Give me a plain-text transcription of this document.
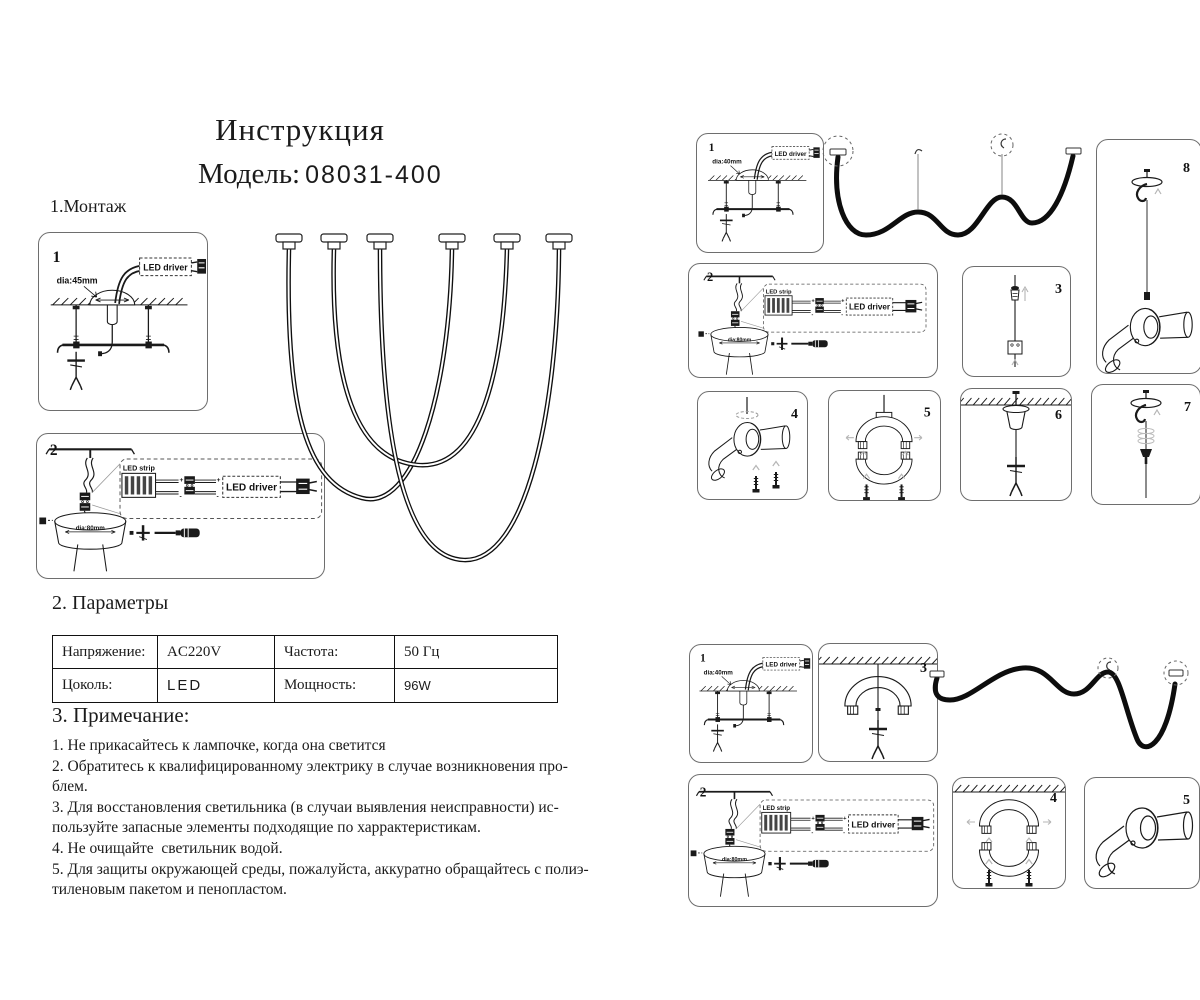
Инструкция
Модель: 08031-400
1.Монтаж
1
dia:45mm
2
2. Параметры
Напряжение:	AC220V	Частота:	50 Гц
Цоколь:	LED	Мощность:	96W
3. Примечание:
1. Не прикасайтесь к лампочке, когда она светится
2. Обратитесь к квалифицированному электрику в случае возникновения про-
блем.
3. Для восстановления светильника (в случаи выявления неисправности) ис-
пользуйте запасные элементы подходящие по харрактеристикам.
4. Не очищайте  светильник водой.
5. Для защиты окружающей среды, пожалуйста, аккуратно обращайтесь с полиэ-
тиленовым пакетом и пенопластом.
1
dia:40mm	8
2
3
4	5	6
7
1
dia:40mm	3
2	4	5
